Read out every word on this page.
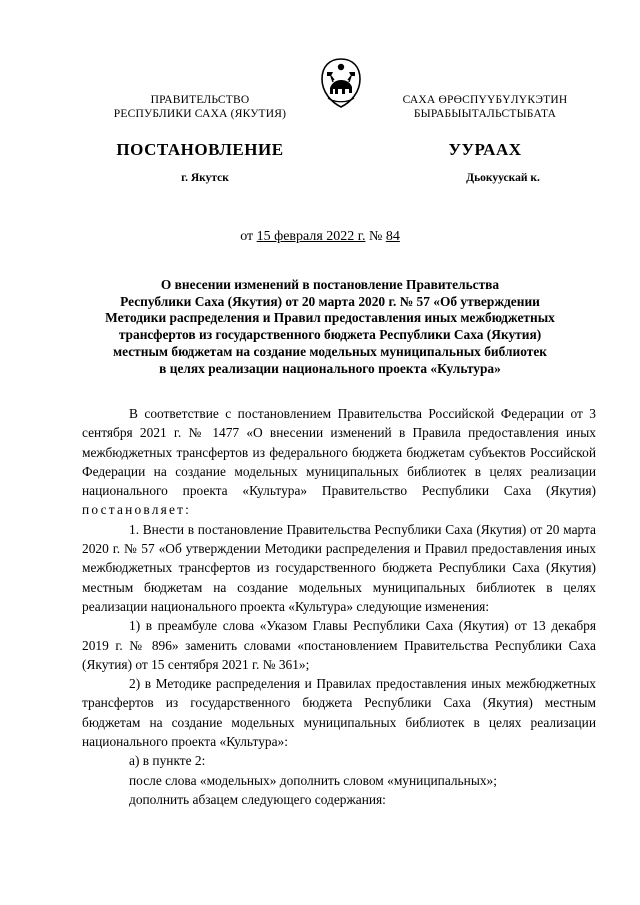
ПРАВИТЕЛЬСТВО
РЕСПУБЛИКИ САХА (ЯКУТИЯ)
САХА ӨРӨСПҮҮБҮЛҮКЭТИН
БЫРАБЫЫТАЛЬСТЫБАТА
ПОСТАНОВЛЕНИЕ	УУРААХ
г. Якутск	Дьокуускай к.
от 15 февраля 2022 г. № 84
О внесении изменений в постановление Правительства
Республики Саха (Якутия) от 20 марта 2020 г. № 57 «Об утверждении
Методики распределения и Правил предоставления иных межбюджетных
трансфертов из государственного бюджета Республики Саха (Якутия)
местным бюджетам на создание модельных муниципальных библиотек
в целях реализации национального проекта «Культура»

В соответствие с постановлением Правительства Российской Федерации от 3 сентября 2021 г. № 1477 «О внесении изменений в Правила предоставления иных межбюджетных трансфертов из федерального бюджета бюджетам субъектов Российской Федерации на создание модельных муниципальных библиотек в целях реализации национального проекта «Культура» Правительство Республики Саха (Якутия) постановляет:

1. Внести в постановление Правительства Республики Саха (Якутия) от 20 марта 2020 г. № 57 «Об утверждении Методики распределения и Правил предоставления иных межбюджетных трансфертов из государственного бюджета Республики Саха (Якутия) местным бюджетам на создание модельных муниципальных библиотек в целях реализации национального проекта «Культура» следующие изменения:

1) в преамбуле слова «Указом Главы Республики Саха (Якутия) от 13 декабря 2019 г. № 896» заменить словами «постановлением Правительства Республики Саха (Якутия) от 15 сентября 2021 г. № 361»;

2) в Методике распределения и Правилах предоставления иных межбюджетных трансфертов из государственного бюджета Республики Саха (Якутия) местным бюджетам на создание модельных муниципальных библиотек в целях реализации национального проекта «Культура»:

а) в пункте 2:

после слова «модельных» дополнить словом «муниципальных»;

дополнить абзацем следующего содержания:
